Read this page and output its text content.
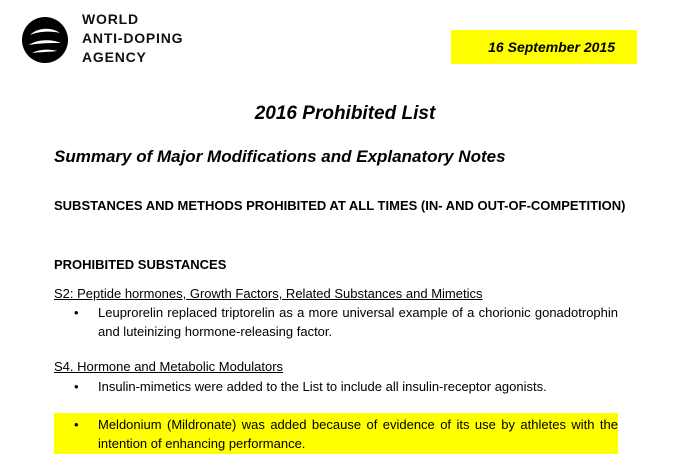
WORLD
ANTI-DOPING
AGENCY
16 September 2015
2016 Prohibited List
Summary of Major Modifications and Explanatory Notes

SUBSTANCES AND METHODS PROHIBITED AT ALL TIMES (IN- AND OUT-OF-COMPETITION)

PROHIBITED SUBSTANCES

S2: Peptide hormones, Growth Factors, Related Substances and Mimetics

• Leuprorelin replaced triptorelin as a more universal example of a chorionic gonadotrophin and luteinizing hormone-releasing factor.

S4. Hormone and Metabolic Modulators

• Insulin-mimetics were added to the List to include all insulin-receptor agonists.
• Meldonium (Mildronate) was added because of evidence of its use by athletes with the intention of enhancing performance.
